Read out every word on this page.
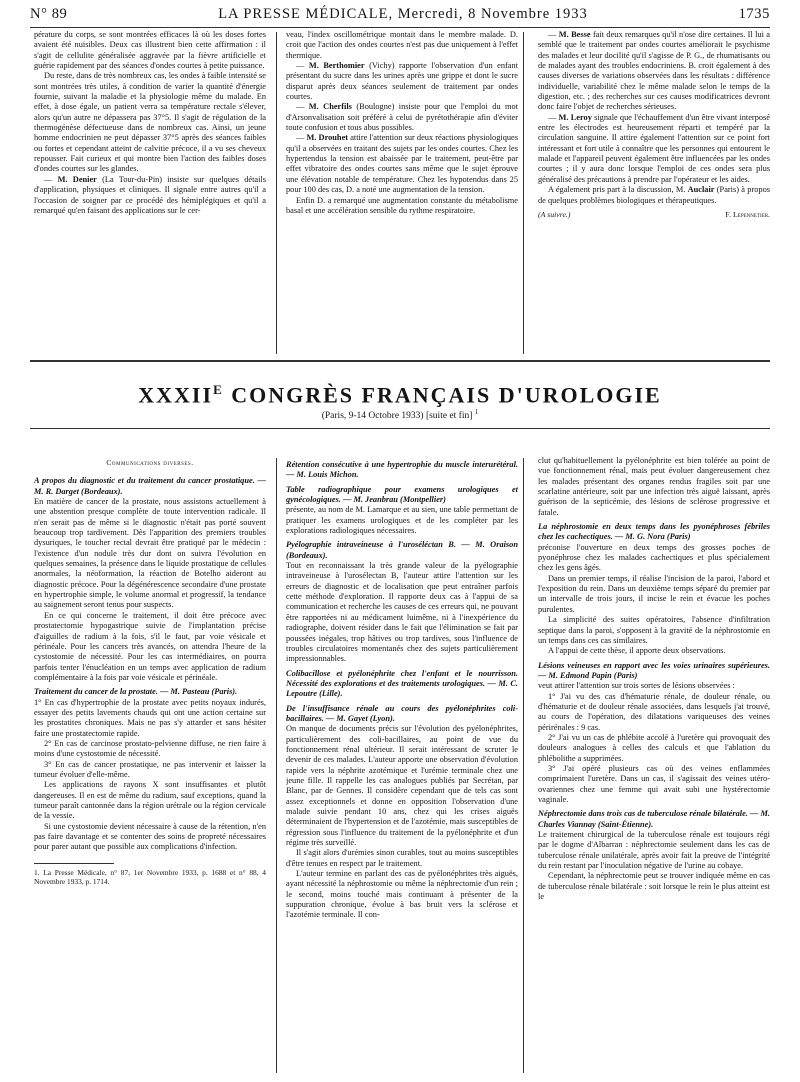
N° 89	LA PRESSE MÉDICALE, Mercredi, 8 Novembre 1933	1735

pérature du corps, se sont montrées efficaces là où les doses fortes avaient été nuisibles. Deux cas illustrent bien cette affirmation : il s'agit de cellulite généralisée aggravée par la fièvre artificielle et guérie rapidement par des séances d'ondes courtes à petite puissance.

Du reste, dans de très nombreux cas, les ondes à faible intensité se sont montrées très utiles, à condition de varier la quantité d'énergie fournie, suivant la maladie et la physiologie même du malade. En effet, à dose égale, un patient verra sa température rectale s'élever, alors qu'un autre ne dépassera pas 37°5. Il s'agit de régulation de la thermogénèse défectueuse dans de nombreux cas. Ainsi, un jeune homme endocrinien ne peut dépasser 37°5 après des séances faibles ou fortes et cependant atteint de calvitie précoce, il a vu ses cheveux repousser. Fait curieux et qui montre bien l'action des faibles doses d'ondes courtes sur les glandes.

— M. Denier (La Tour-du-Pin) insiste sur quelques détails d'application, physiques et cliniques. Il signale entre autres qu'il a l'occasion de soigner par ce procédé des hémiplégiques et qu'il a remarqué qu'en faisant des applications sur le cer-

veau, l'index oscillométrique montait dans le membre malade. D. croit que l'action des ondes courtes n'est pas due uniquement à l'effet thermique.

— M. Berthomier (Vichy) rapporte l'observation d'un enfant présentant du sucre dans les urines après une grippe et dont le sucre disparut après deux séances seulement de traitement par ondes courtes.

— M. Cherfils (Boulogne) insiste pour que l'emploi du mot d'Arsonvalisation soit préféré à celui de pyrétothérapie afin d'éviter toute confusion et tous abus possibles.

— M. Drouhet attire l'attention sur deux réactions physiologiques qu'il a observées en traitant des sujets par les ondes courtes. Chez les hypertendus la tension est abaissée par le traitement, peut-être par effet vibratoire des ondes courtes sans même que le sujet éprouve une élévation notable de température. Chez les hypotendus dans 25 pour 100 des cas, D. a noté une augmentation de la tension.

Enfin D. a remarqué une augmentation constante du métabolisme basal et une accélération sensible du rythme respiratoire.

— M. Besse fait deux remarques qu'il n'ose dire certaines. Il lui a semblé que le traitement par ondes courtes améliorait le psychisme des malades et leur docilité qu'il s'agisse de P. G., de rhumatisants ou de malades ayant des troubles endocriniens. B. croit également à des causes diverses de variations observées dans les résultats : différence individuelle, variabilité chez le même malade selon le temps de la digestion, etc. ; des recherches sur ces causes modificatrices devront donc faire l'objet de recherches sérieuses.

— M. Leroy signale que l'échauffement d'un être vivant interposé entre les électrodes est heureusement réparti et tempéré par la circulation sanguine. Il attire également l'attention sur ce point fort intéressant et fort utile à connaître que les personnes qui entourent le malade et l'appareil peuvent également être influencées par les ondes courtes ; il y aura donc lorsque l'emploi de ces ondes sera plus généralisé des précautions à prendre par l'opérateur et les aides.

A également pris part à la discussion, M. Auclair (Paris) à propos de quelques problèmes biologiques et thérapeutiques.

(A suivre.)	F. Lepennetier.
$XXXII^E$ CONGRÈS FRANÇAIS D'UROLOGIE
(Paris, 9-14 Octobre 1933) [suite et fin] $^1$
Communications diverses.

A propos du diagnostic et du traitement du cancer prostatique. — M. R. Darget (Bordeaux).

En matière de cancer de la prostate, nous assistons actuellement à une abstention presque complète de toute intervention radicale. Il n'en serait pas de même si le diagnostic n'était pas porté souvent beaucoup trop tardivement. Dès l'apparition des premiers troubles dysuriques, le toucher rectal devrait être pratiqué par le médecin : l'existence d'un nodule très dur dont on suivra l'évolution en quelques semaines, la présence dans le liquide prostatique de cellules anormales, la néoformation, la réaction de Botelho aideront au diagnostic précoce. Pour la dégénérescence secondaire d'une prostate en hypertrophie simple, le volume anormal et progressif, la tendance au saignement seront tenus pour suspects.

En ce qui concerne le traitement, il doit être précoce avec prostatectomie hypogastrique suivie de l'implantation précise d'aiguilles de radium à la fois, s'il le faut, par voie vésicale et périnéale. Pour les cancers très avancés, on attendra l'heure de la cystostomie de nécessité. Pour les cas intermédiaires, on pourra parfois tenter l'énucléation en un temps avec application de radium complémentaire à la fois par voie vésicale et périnéale.

Traitement du cancer de la prostate. — M. Pasteau (Paris).

1° En cas d'hypertrophie de la prostate avec petits noyaux indurés, essayer des petits lavements chauds qui ont une action certaine sur les prostatites chroniques. Mais ne pas s'y attarder et sans hésiter faire une prostatectomie rapide.

2° En cas de carcinose prostato-pelvienne diffuse, ne rien faire à moins d'une cystostomie de nécessité.

3° En cas de cancer prostatique, ne pas intervenir et laisser la tumeur évoluer d'elle-même.

Les applications de rayons X sont insuffisantes et plutôt dangereuses. Il en est de même du radium, sauf exceptions, quand la tumeur paraît cantonnée dans la région urétrale ou la région cervicale de la vessie.

Si une cystostomie devient nécessaire à cause de la rétention, n'en pas faire davantage et se contenter des soins de propreté nécessaires pour parer autant que possible aux complications d'infection.

1. La Presse Médicale, n° 87, 1er Novembre 1933, p. 1688 et n° 88, 4 Novembre 1933, p. 1714.

Rétention consécutive à une hypertrophie du muscle interurétéral. — M. Louis Michon.

Table radiographique pour examens urologiques et gynécologiques. — M. Jeanbrau (Montpellier)

présente, au nom de M. Lamarque et au sien, une table permettant de pratiquer les examens urologiques et de les compléter par les explorations radiologiques nécessaires.

Pyélographie intraveineuse à l'uroséléctan B. — M. Oraison (Bordeaux).

Tout en reconnaissant la très grande valeur de la pyélographie intraveineuse à l'urosélectan B, l'auteur attire l'attention sur les erreurs de diagnostic et de localisation que peut entraîner parfois cette méthode d'exploration. Il rapporte deux cas à l'appui de sa communication et recherche les causes de ces erreurs qui, ne pouvant être rapportées ni au médicament luimême, ni à l'inexpérience du radiographe, doivent résider dans le fait que l'élimination se fait par poussées inégales, trop hâtives ou trop tardives, sous l'influence de troubles circulatoires momentanés chez des sujets particulièrement impressionnables.

Colibacillose et pyélonéphrite chez l'enfant et le nourrisson. Nécessité des explorations et des traitements urologiques. — M. C. Lepoutre (Lille).

De l'insuffisance rénale au cours des pyélonéphrites coli-bacillaires. — M. Gayet (Lyon).

On manque de documents précis sur l'évolution des pyélonéphrites, particulièrement des coli-bacillaires, au point de vue du fonctionnement rénal ultérieur. Il serait intéressant de scruter le devenir de ces malades. L'auteur apporte une observation d'évolution rapide vers la néphrite azotémique et l'urémie terminale chez une jeune fille. Il rappelle les cas analogues publiés par Secrétan, par Blanc, par de Gennes. Il considère cependant que de tels cas sont assez exceptionnels et donne en opposition l'observation d'une malade suivie pendant 10 ans, chez qui les crises aiguës déterminaient de l'hypertension et de l'azotémie, mais susceptibles de régression sous l'influence du traitement de la pyélonéphrite et d'un régime très surveillé.

Il s'agit alors d'urémies sinon curables, tout au moins susceptibles d'être tenues en respect par le traitement.

L'auteur termine en parlant des cas de pyélonéphrites très aiguës, ayant nécessité la néphrostomie ou même la néphrectomie d'un rein ; le second, moins touché mais continuant à présenter de la suppuration chronique, évolue à bas bruit vers la sclérose et l'azotémie terminale. Il con-

clut qu'habituellement la pyélonéphrite est bien tolérée au point de vue fonctionnement rénal, mais peut évoluer dangereusement chez les malades présentant des organes rendus fragiles soit par une scarlatine antérieure, soit par une infection très aiguë laissant, après guérison de la septicémie, des lésions de sclérose progressive et fatale.

La néphrostomie en deux temps dans les pyonéphroses fébriles chez les cachectiques. — M. G. Nora (Paris)

préconise l'ouverture en deux temps des grosses poches de pyonéphrose chez les malades cachectiques et plus spécialement chez les gens âgés.

Dans un premier temps, il réalise l'incision de la paroi, l'abord et l'exposition du rein. Dans un deuxième temps séparé du premier par un intervalle de trois jours, il incise le rein et évacue les poches purulentes.

La simplicité des suites opératoires, l'absence d'infiltration septique dans la paroi, s'opposent à la gravité de la néphrostomie en un temps dans ces cas similaires.

A l'appui de cette thèse, il apporte deux observations.

Lésions veineuses en rapport avec les voies urinaires supérieures. — M. Edmond Papin (Paris)

veut attirer l'attention sur trois sortes de lésions observées :

1° J'ai vu des cas d'hématurie rénale, de douleur rénale, ou d'hématurie et de douleur rénale associées, dans lesquels j'ai trouvé, au cours de l'opération, des dilatations variqueuses des veines périrénales : 9 cas.

2° J'ai vu un cas de phlébite accolé à l'uretère qui provoquait des douleurs analogues à celles des calculs et que l'ablation du phlébolithe a supprimées.

3° J'ai opéré plusieurs cas où des veines enflammées comprimaient l'uretère. Dans un cas, il s'agissait des veines utéro-ovariennes chez une femme qui avait subi une hystérectomie vaginale.

Néphrectomie dans trois cas de tuberculose rénale bilatérale. — M. Charles Viannay (Saint-Étienne).

Le traitement chirurgical de la tuberculose rénale est toujours régi par le dogme d'Albarran : néphrectomie seulement dans les cas de tuberculose rénale unilatérale, après avoir fait la preuve de l'intégrité du rein restant par l'inoculation négative de l'urine au cobaye.

Cependant, la néphrectomie peut se trouver indiquée même en cas de tuberculose rénale bilatérale : soit lorsque le rein le plus atteint est le
